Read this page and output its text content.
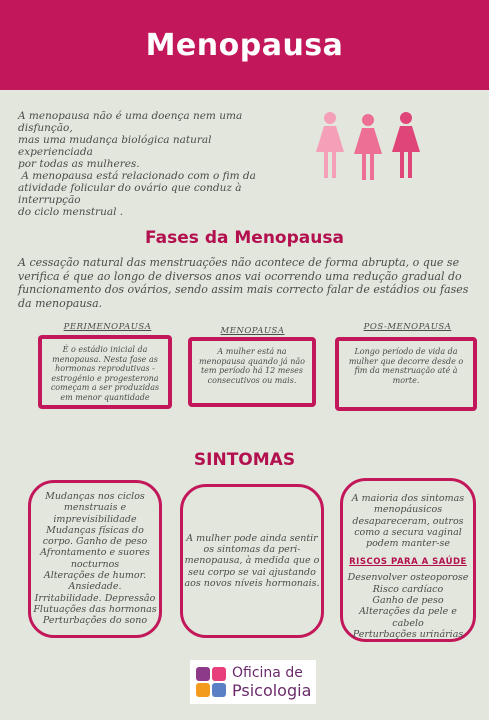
Menopausa

A menopausa não é uma doença nem uma disfunção,

mas uma mudança biológica natural experienciada

por todas as mulheres.

A menopausa está relacionado com o fim da

atividade folicular do ovário que conduz à interrupção

do ciclo menstrual .

Fases da Menopausa
A cessação natural das menstruações não acontece de forma abrupta, o que se verifica é que ao longo de diversos anos vai ocorrendo uma redução gradual do funcionamento dos ovários, sendo assim mais correcto falar de estádios ou fases da menopausa.
PERIMENOPAUSA
É o estádio inicial da menopausa. Nesta fase as hormonas reprodutivas - estrogénio e progesterona começam a ser produzidas em menor quantidade
MENOPAUSA
A mulher está na menopausa quando já não tem período há 12 meses consecutivos ou mais.
POS-MENOPAUSA
Longo período de vida da mulher que decorre desde o fim da menstruação até à morte.
SINTOMAS
Mudanças nos ciclos
menstruais e
imprevisibilidade
Mudanças físicas do
corpo. Ganho de peso
Afrontamento e suores
nocturnos
Alterações de humor.
Ansiedade.
Irritabilidade. Depressão
Flutuações das hormonas
Perturbações do sono
A mulher pode ainda sentir
os sintomas da peri-
menopausa, à medida que o
seu corpo se vai ajustando
aos novos níveis hormonais.
A maioria dos sintomas
menopáusicos
desapareceram, outros
como a secura vaginal
podem manter-se
RISCOS PARA A SAÚDE
Desenvolver osteoporose
Risco cardíaco
Ganho de peso
Alterações da pele e cabelo
Perturbações urinárias
Oficina de
Psicologia
